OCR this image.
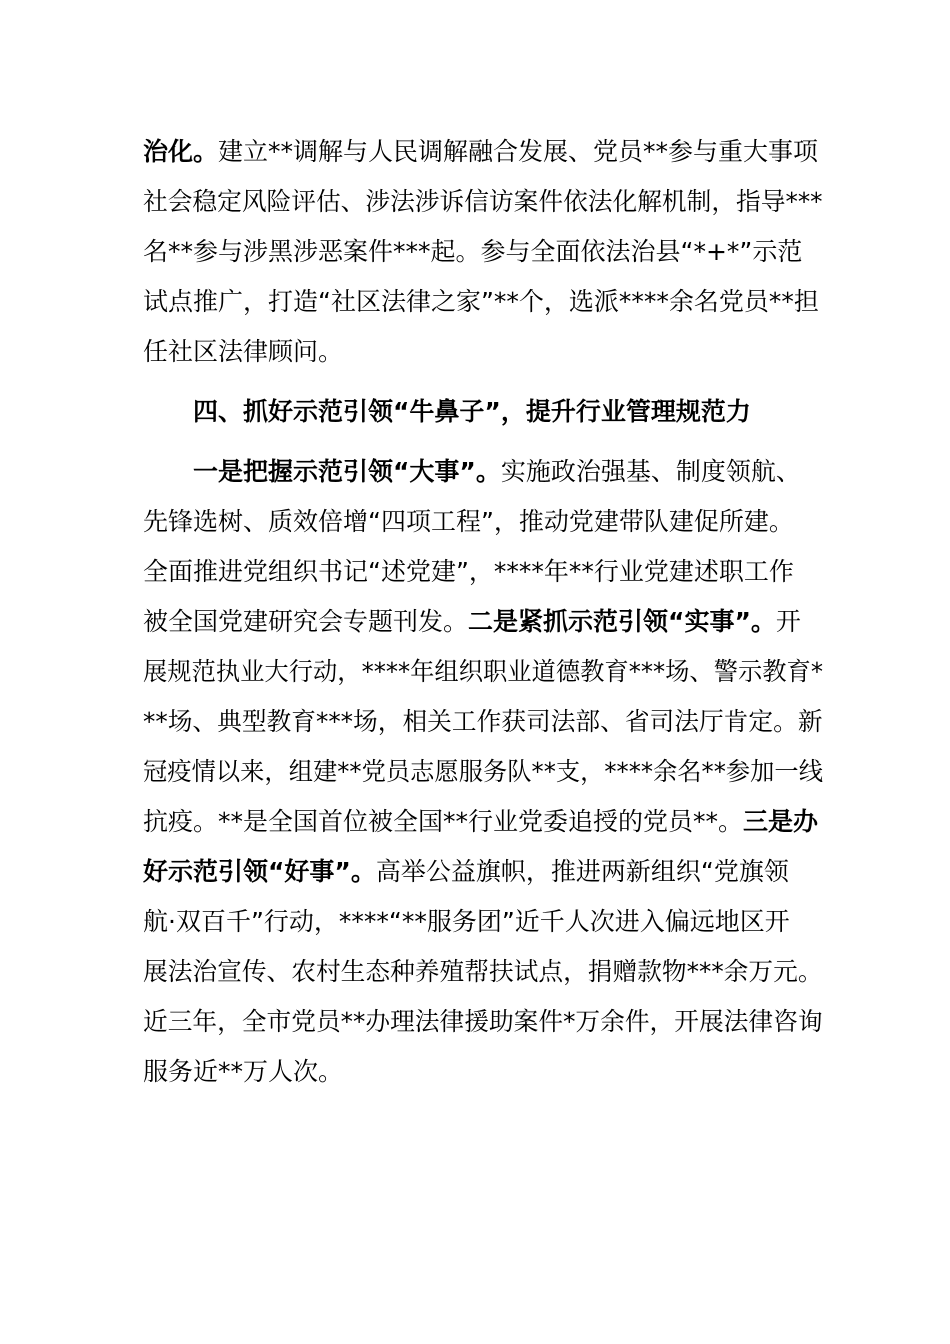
治化。建立**调解与人民调解融合发展、党员**参与重大事项
社会稳定风险评估、涉法涉诉信访案件依法化解机制，指导***
名**参与涉黑涉恶案件***起。参与全面依法治县“*+*”示范
试点推广，打造“社区法律之家”**个，选派****余名党员**担
任社区法律顾问。
四、抓好示范引领“牛鼻子”，提升行业管理规范力
一是把握示范引领“大事”。实施政治强基、制度领航、
先锋选树、质效倍增“四项工程”，推动党建带队建促所建。
全面推进党组织书记“述党建”，****年**行业党建述职工作
被全国党建研究会专题刊发。二是紧抓示范引领“实事”。开
展规范执业大行动，****年组织职业道德教育***场、警示教育*
**场、典型教育***场，相关工作获司法部、省司法厅肯定。新
冠疫情以来，组建**党员志愿服务队**支，****余名**参加一线
抗疫。**是全国首位被全国**行业党委追授的党员**。三是办
好示范引领“好事”。高举公益旗帜，推进两新组织“党旗领
航·双百千”行动，****“**服务团”近千人次进入偏远地区开
展法治宣传、农村生态种养殖帮扶试点，捐赠款物***余万元。
近三年，全市党员**办理法律援助案件*万余件，开展法律咨询
服务近**万人次。
